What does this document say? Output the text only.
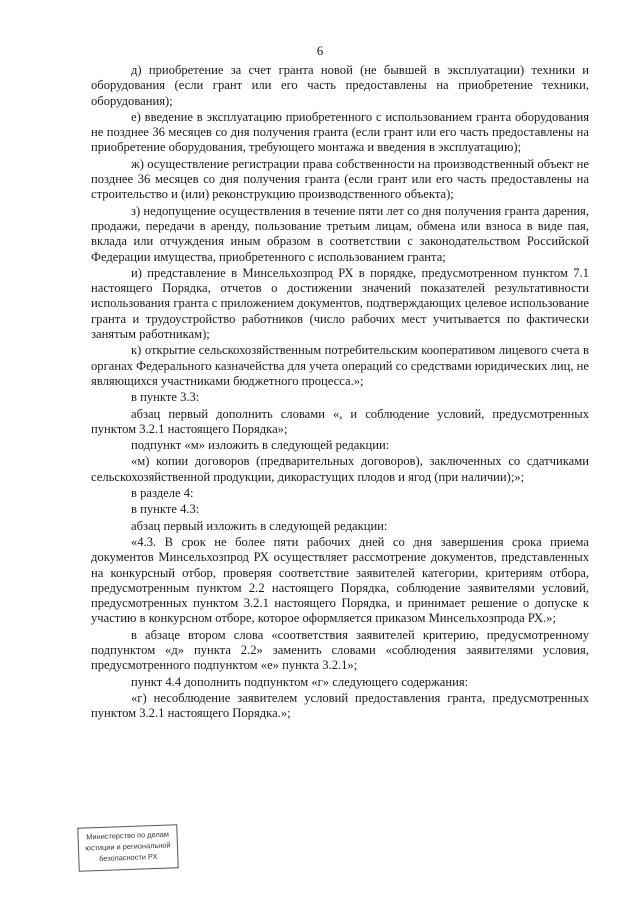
6

д) приобретение за счет гранта новой (не бывшей в эксплуатации) техники и оборудования (если грант или его часть предоставлены на приобретение техники, оборудования);

е) введение в эксплуатацию приобретенного с использованием гранта оборудования не позднее 36 месяцев со дня получения гранта (если грант или его часть предоставлены на приобретение оборудования, требующего монтажа и введения в эксплуатацию);

ж) осуществление регистрации права собственности на производственный объект не позднее 36 месяцев со дня получения гранта (если грант или его часть предоставлены на строительство и (или) реконструкцию производственного объекта);

з) недопущение осуществления в течение пяти лет со дня получения гранта дарения, продажи, передачи в аренду, пользование третьим лицам, обмена или взноса в виде пая, вклада или отчуждения иным образом в соответствии с законодательством Российской Федерации имущества, приобретенного с использованием гранта;

и) представление в Минсельхозпрод РХ в порядке, предусмотренном пунктом 7.1 настоящего Порядка, отчетов о достижении значений показателей результативности использования гранта с приложением документов, подтверждающих целевое использование гранта и трудоустройство работников (число рабочих мест учитывается по фактически занятым работникам);

к) открытие сельскохозяйственным потребительским кооперативом лицевого счета в органах Федерального казначейства для учета операций со средствами юридических лиц, не являющихся участниками бюджетного процесса.»;

в пункте 3.3:

абзац первый дополнить словами «, и соблюдение условий, предусмотренных пунктом 3.2.1 настоящего Порядка»;

подпункт «м» изложить в следующей редакции:

«м) копии договоров (предварительных договоров), заключенных со сдатчиками сельскохозяйственной продукции, дикорастущих плодов и ягод (при наличии);»;

в разделе 4:

в пункте 4.3:

абзац первый изложить в следующей редакции:

«4.3. В срок не более пяти рабочих дней со дня завершения срока приема документов Минсельхозпрод РХ осуществляет рассмотрение документов, представленных на конкурсный отбор, проверяя соответствие заявителей категории, критериям отбора, предусмотренным пунктом 2.2 настоящего Порядка, соблюдение заявителями условий, предусмотренных пунктом 3.2.1 настоящего Порядка, и принимает решение о допуске к участию в конкурсном отборе, которое оформляется приказом Минсельхозпрода РХ.»;

в абзаце втором слова «соответствия заявителей критерию, предусмотренному подпунктом «д» пункта 2.2» заменить словами «соблюдения заявителями условия, предусмотренного подпунктом «е» пункта 3.2.1»;

пункт 4.4 дополнить подпунктом «г» следующего содержания:

«г) несоблюдение заявителем условий предоставления гранта, предусмотренных пунктом 3.2.1 настоящего Порядка.»;

Министерство по делам
юстиции и региональной
безопасности РХ
